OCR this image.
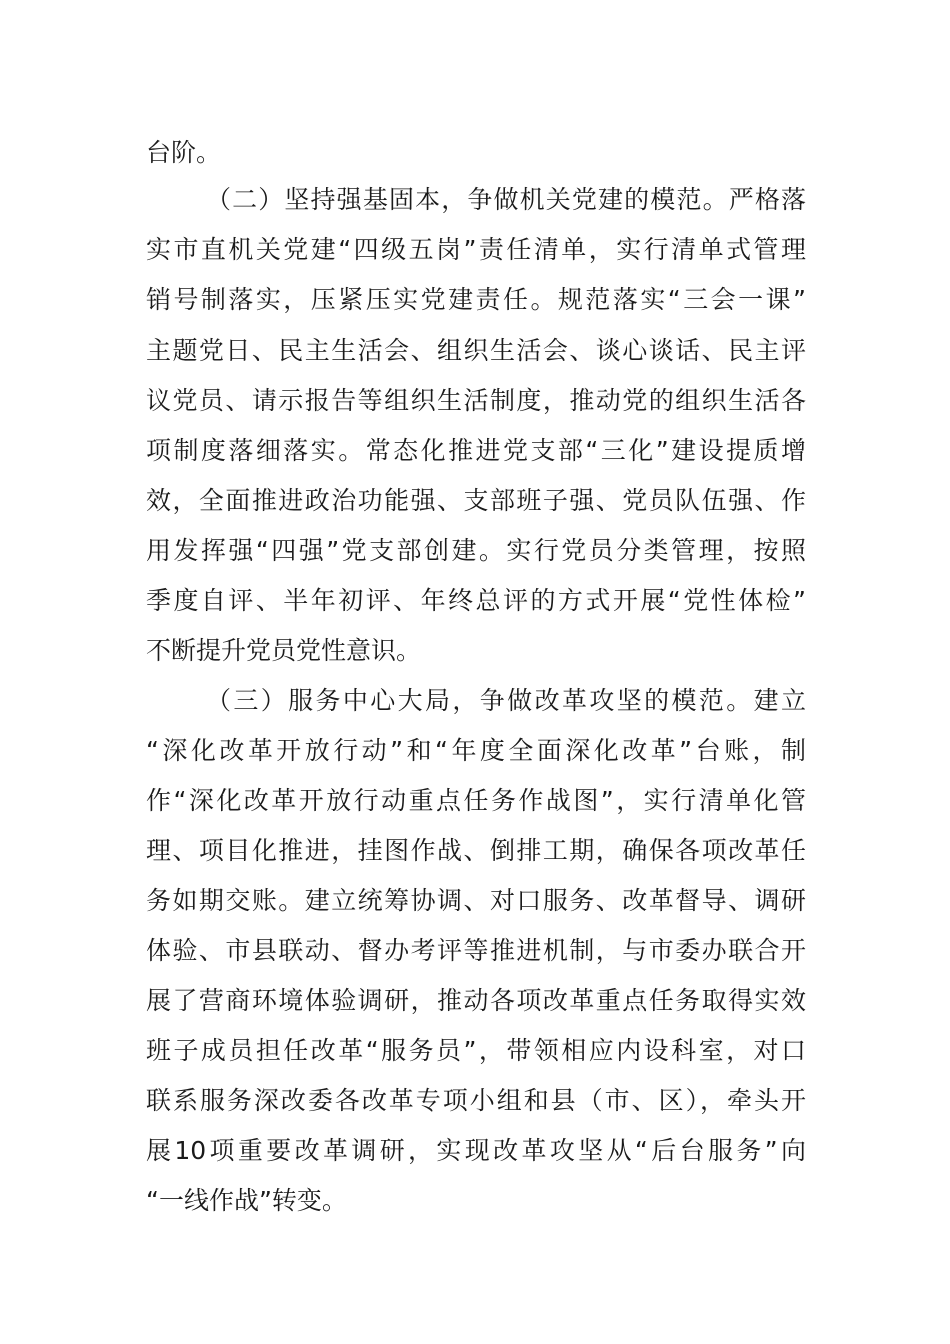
台阶。
（二）坚持强基固本，争做机关党建的模范。严格落
实市直机关党建“四级五岗”责任清单，实行清单式管理
销号制落实，压紧压实党建责任。规范落实“三会一课”
主题党日、民主生活会、组织生活会、谈心谈话、民主评
议党员、请示报告等组织生活制度，推动党的组织生活各
项制度落细落实。常态化推进党支部“三化”建设提质增
效，全面推进政治功能强、支部班子强、党员队伍强、作
用发挥强“四强”党支部创建。实行党员分类管理，按照
季度自评、半年初评、年终总评的方式开展“党性体检”
不断提升党员党性意识。
（三）服务中心大局，争做改革攻坚的模范。建立
“深化改革开放行动”和“年度全面深化改革”台账，制
作“深化改革开放行动重点任务作战图”，实行清单化管
理、项目化推进，挂图作战、倒排工期，确保各项改革任
务如期交账。建立统筹协调、对口服务、改革督导、调研
体验、市县联动、督办考评等推进机制，与市委办联合开
展了营商环境体验调研，推动各项改革重点任务取得实效
班子成员担任改革“服务员”，带领相应内设科室，对口
联系服务深改委各改革专项小组和县（市、区），牵头开
展10项重要改革调研，实现改革攻坚从“后台服务”向
“一线作战”转变。
